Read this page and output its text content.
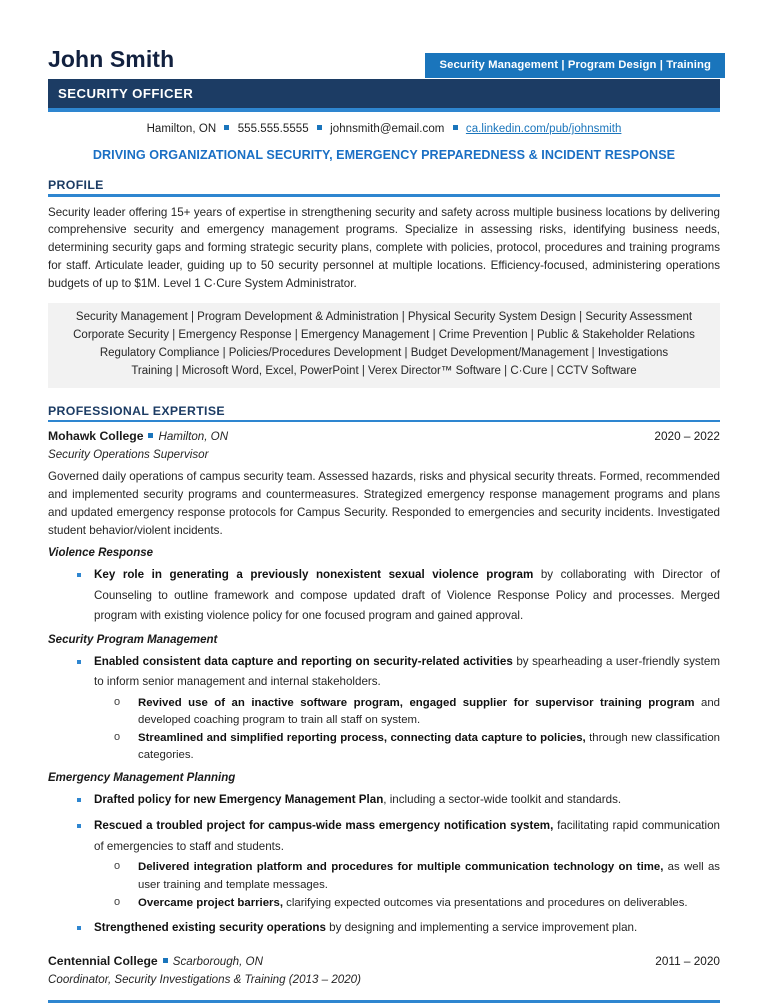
John Smith	Security Management | Program Design | Training
SECURITY OFFICER
Hamilton, ON 555.555.5555 johnsmith@email.com ca.linkedin.com/pub/johnsmith
DRIVING ORGANIZATIONAL SECURITY, EMERGENCY PREPAREDNESS & INCIDENT RESPONSE
PROFILE

Security leader offering 15+ years of expertise in strengthening security and safety across multiple business locations by delivering comprehensive security and emergency management programs. Specialize in assessing risks, identifying business needs, determining security gaps and forming strategic security plans, complete with policies, protocol, procedures and training programs for staff. Articulate leader, guiding up to 50 security personnel at multiple locations. Efficiency-focused, administering operations budgets of up to $1M. Level 1 C·Cure System Administrator.

Security Management | Program Development & Administration | Physical Security System Design | Security Assessment
Corporate Security | Emergency Response | Emergency Management | Crime Prevention | Public & Stakeholder Relations
Regulatory Compliance | Policies/Procedures Development | Budget Development/Management | Investigations
Training | Microsoft Word, Excel, PowerPoint | Verex Director™ Software | C·Cure | CCTV Software
PROFESSIONAL EXPERTISE
Mohawk College Hamilton, ON	2020 – 2022
Security Operations Supervisor

Governed daily operations of campus security team. Assessed hazards, risks and physical security threats. Formed, recommended and implemented security programs and countermeasures. Strategized emergency response management programs and plans and updated emergency response protocols for Campus Security. Responded to emergencies and security incidents. Investigated student behavior/violent incidents.

Violence Response
Key role in generating a previously nonexistent sexual violence program by collaborating with Director of Counseling to outline framework and compose updated draft of Violence Response Policy and processes. Merged program with existing violence policy for one focused program and gained approval.
Security Program Management
Enabled consistent data capture and reporting on security-related activities by spearheading a user-friendly system to inform senior management and internal stakeholders.
o Revived use of an inactive software program, engaged supplier for supervisor training program and developed coaching program to train all staff on system.
o Streamlined and simplified reporting process, connecting data capture to policies, through new classification categories.
Emergency Management Planning
Drafted policy for new Emergency Management Plan, including a sector-wide toolkit and standards.
Rescued a troubled project for campus-wide mass emergency notification system, facilitating rapid communication of emergencies to staff and students.
o Delivered integration platform and procedures for multiple communication technology on time, as well as user training and template messages.
o Overcame project barriers, clarifying expected outcomes via presentations and procedures on deliverables.
Strengthened existing security operations by designing and implementing a service improvement plan.
Centennial College Scarborough, ON	2011 – 2020
Coordinator, Security Investigations & Training (2013 – 2020)
